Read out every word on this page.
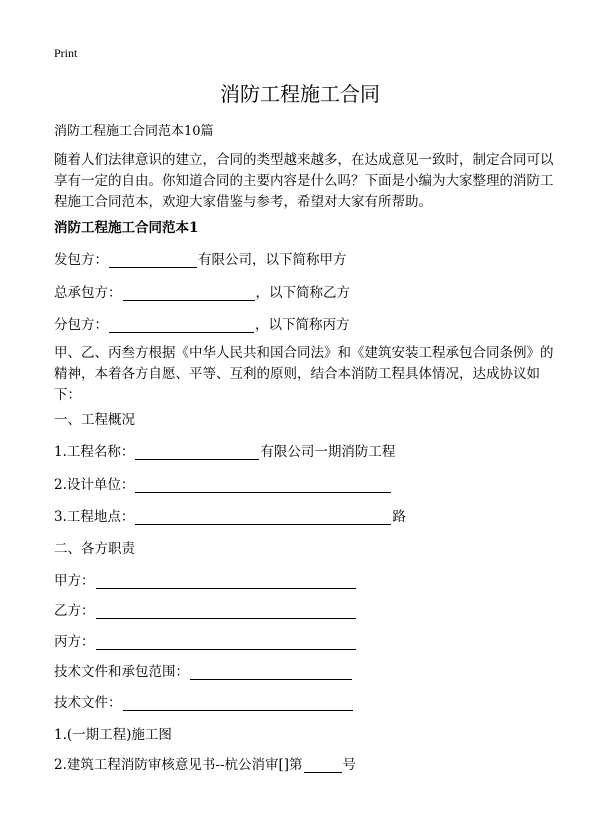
Print
消防工程施工合同
消防工程施工合同范本10篇
随着人们法律意识的建立，合同的类型越来越多，在达成意见一致时，制定合同可以享有一定的自由。你知道合同的主要内容是什么吗？下面是小编为大家整理的消防工程施工合同范本，欢迎大家借鉴与参考，希望对大家有所帮助。
消防工程施工合同范本1
发包方：	有限公司，以下简称甲方
总承包方：	，以下简称乙方
分包方：	，以下简称丙方
甲、乙、丙叁方根据《中华人民共和国合同法》和《建筑安装工程承包合同条例》的精神，本着各方自愿、平等、互利的原则，结合本消防工程具体情况，达成协议如下：
一、工程概况
1.工程名称：	有限公司一期消防工程
2.设计单位：
3.工程地点：	路
二、各方职责
甲方：
乙方：
丙方：
技术文件和承包范围：
技术文件：
1.(一期工程)施工图
2.建筑工程消防审核意见书--杭公消审[]第	号
